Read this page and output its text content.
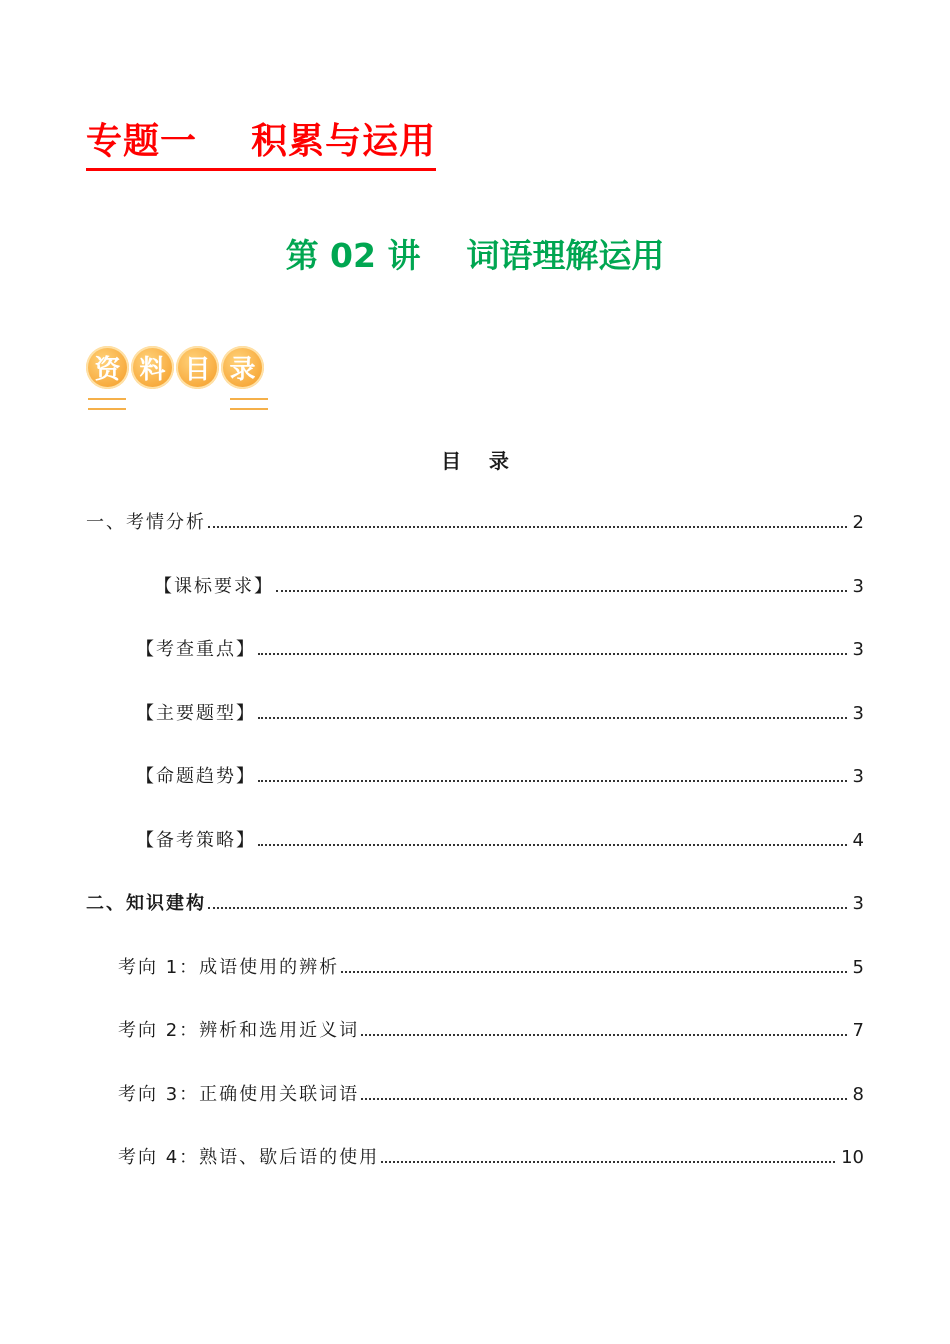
专题一    积累与运用
第 02 讲    词语理解运用
资 料 目 录
目    录
一、考情分析	2
【课标要求】	3
【考查重点】	3
【主要题型】	3
【命题趋势】	3
【备考策略】	4
二、知识建构	3
考向 1：成语使用的辨析	5
考向 2：辨析和选用近义词	7
考向 3：正确使用关联词语	8
考向 4：熟语、歇后语的使用	10
